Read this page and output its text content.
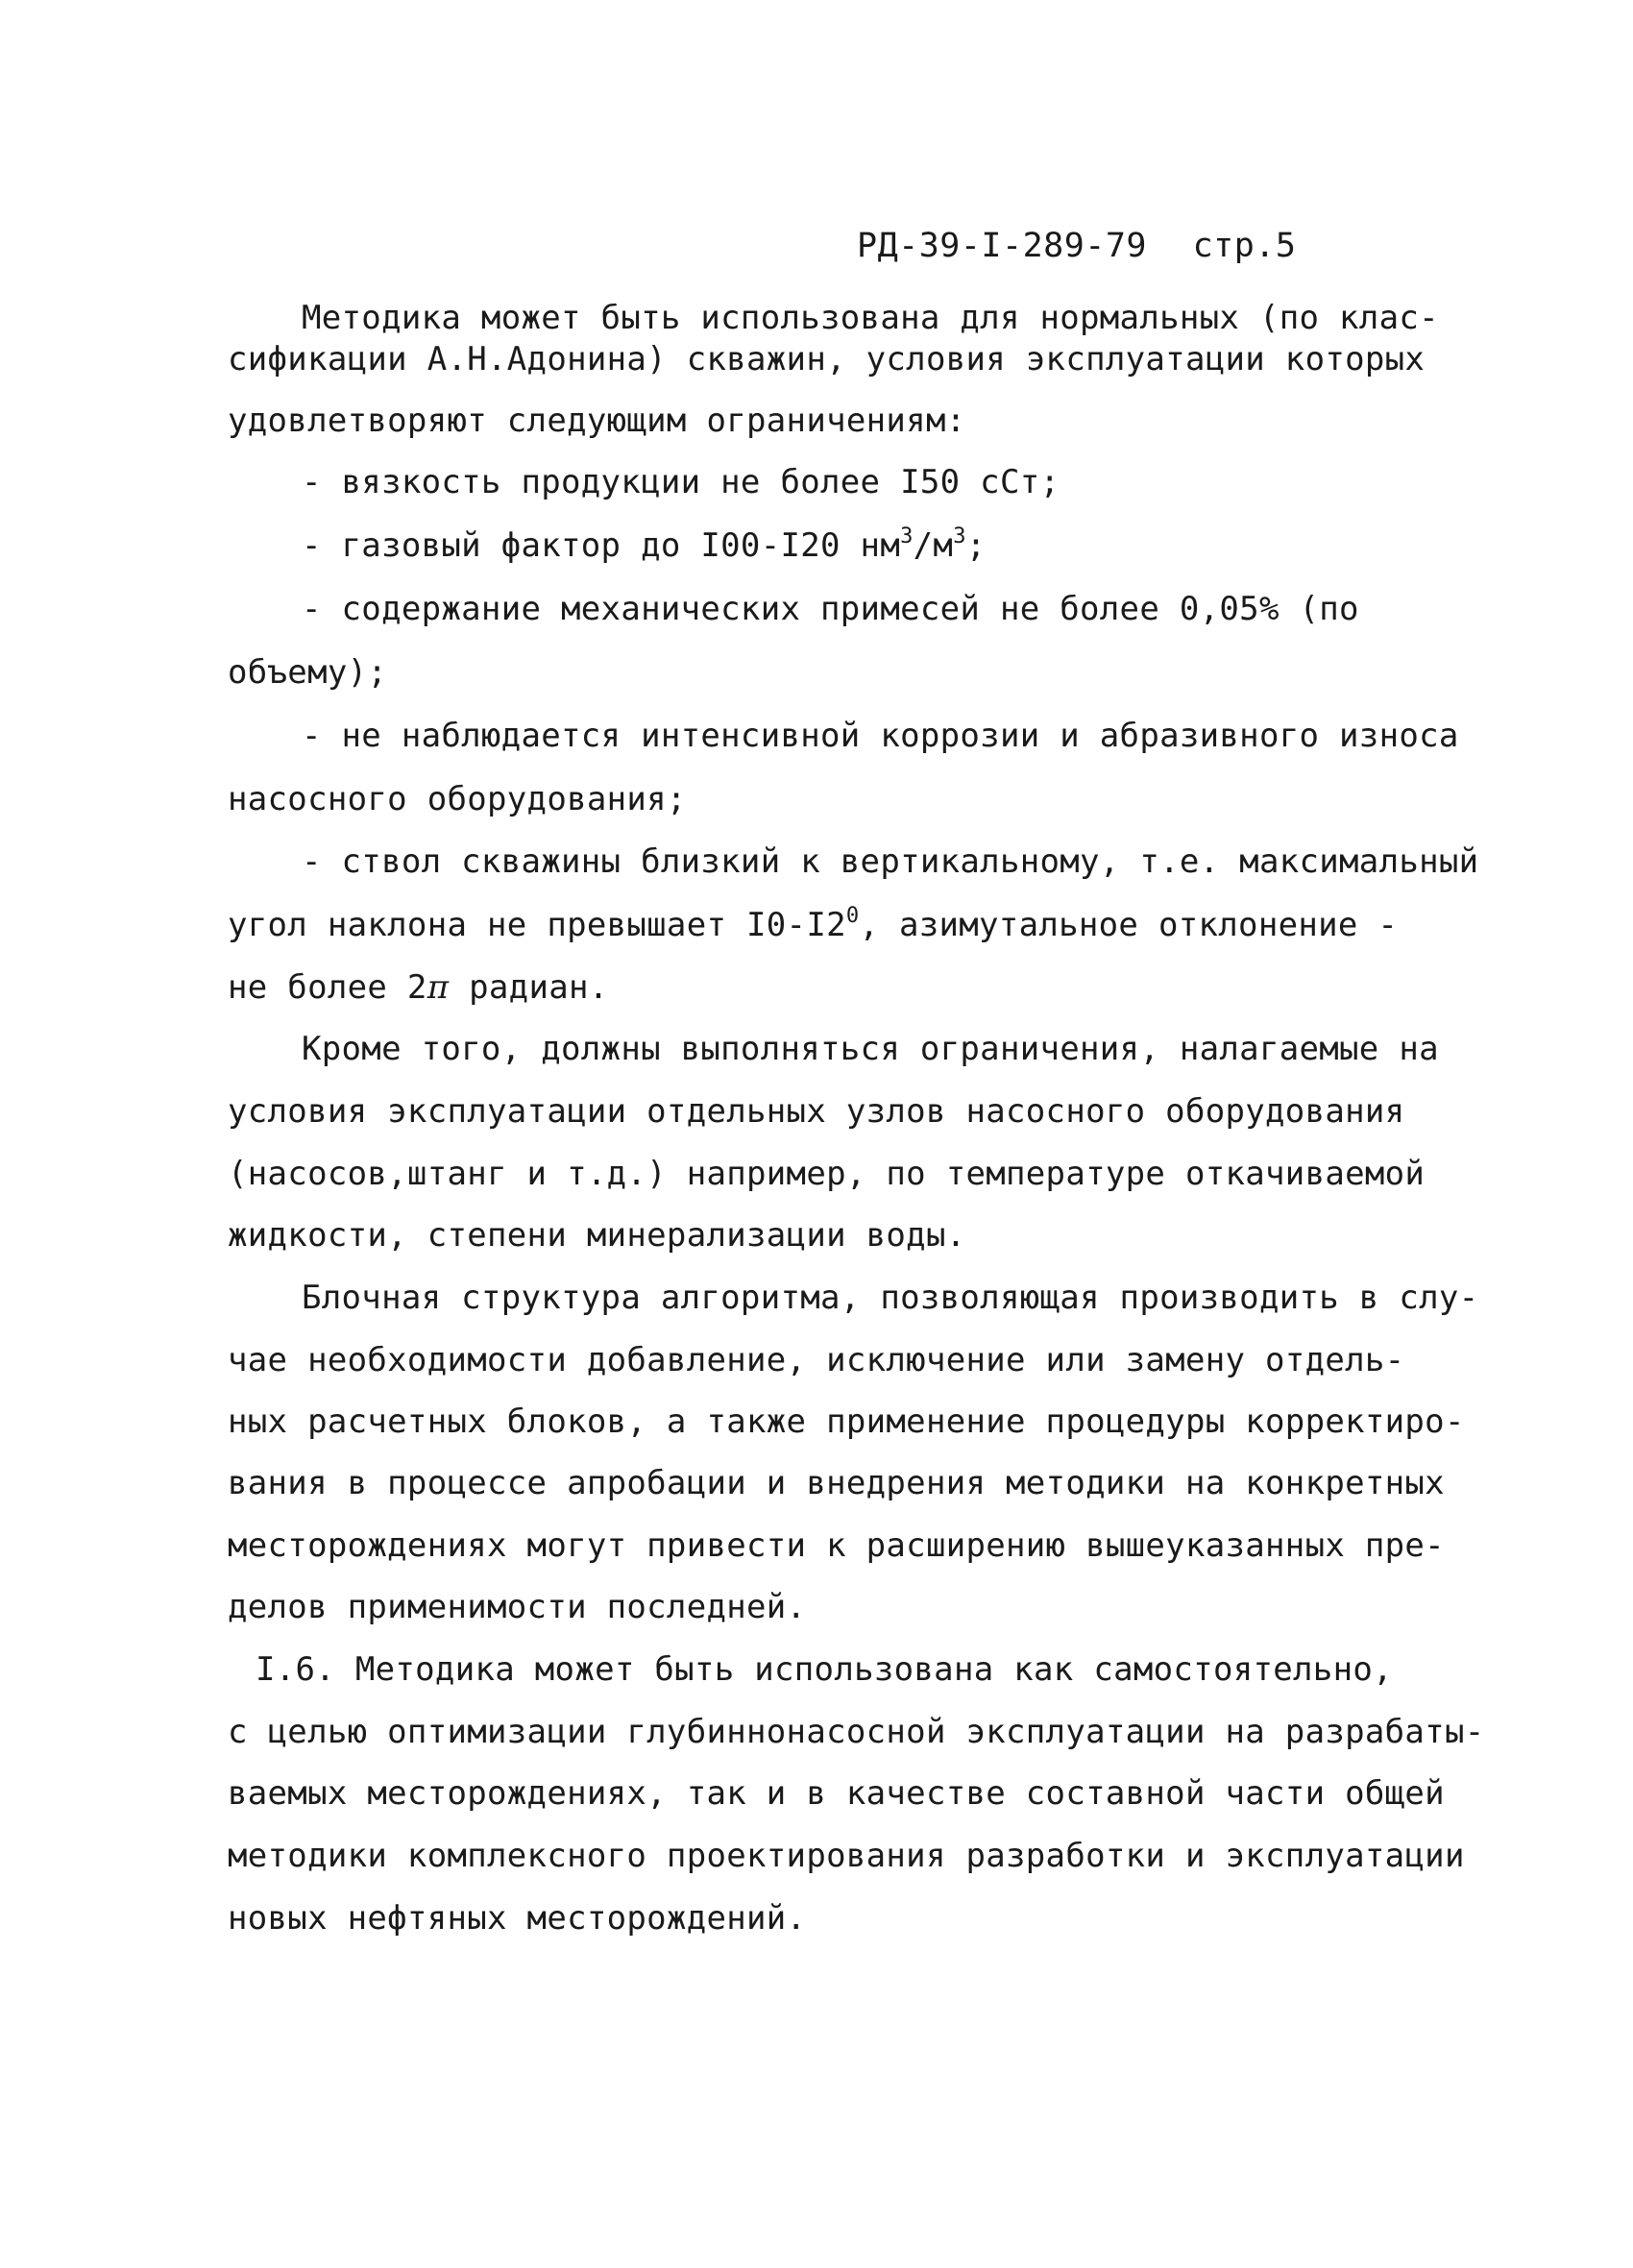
РД-39-I-289-79 стр.5
Методика может быть использована для нормальных (по клас-
сификации А.Н.Адонина) скважин, условия эксплуатации которых
удовлетворяют следующим ограничениям:
- вязкость продукции не более I50 сСт;
- газовый фактор до I00-I20 $нм^3/м^3$;
- содержание механических примесей не более 0,05% (по
объему);
- не наблюдается интенсивной коррозии и абразивного износа
насосного оборудования;
- ствол скважины близкий к вертикальному, т.е. максимальный
угол наклона не превышает $I0-I2^0$, азимутальное отклонение -
не более 2π радиан.
Кроме того, должны выполняться ограничения, налагаемые на
условия эксплуатации отдельных узлов насосного оборудования
(насосов,штанг и т.д.) например, по температуре откачиваемой
жидкости, степени минерализации воды.
Блочная структура алгоритма, позволяющая производить в слу-
чае необходимости добавление, исключение или замену отдель-
ных расчетных блоков, а также применение процедуры корректиро-
вания в процессе апробации и внедрения методики на конкретных
месторождениях могут привести к расширению вышеуказанных пре-
делов применимости последней.
I.6. Методика может быть использована как самостоятельно,
с целью оптимизации глубиннонасосной эксплуатации на разрабаты-
ваемых месторождениях, так и в качестве составной части общей
методики комплексного проектирования разработки и эксплуатации
новых нефтяных месторождений.
